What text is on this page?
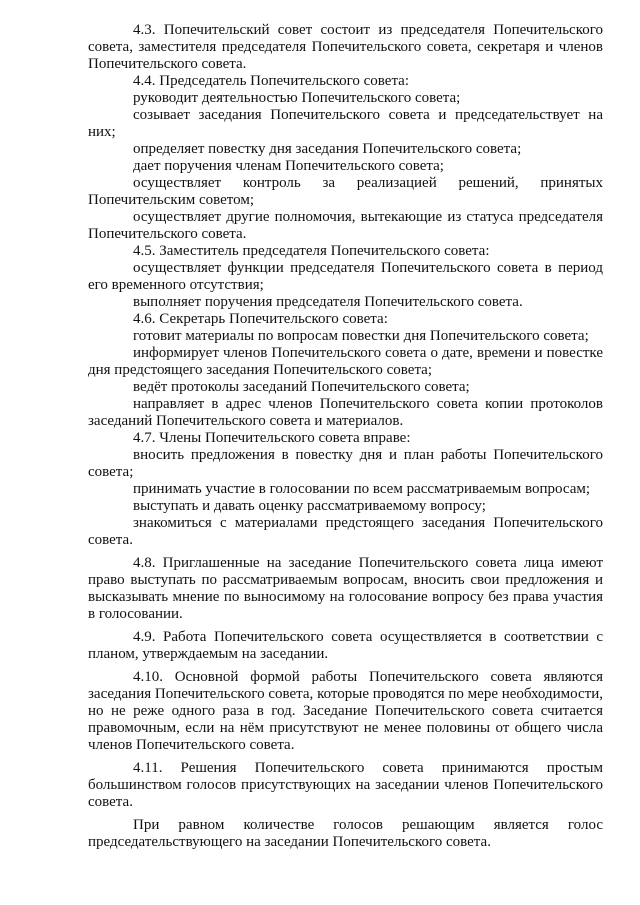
4.3. Попечительский совет состоит из председателя Попечительского совета, заместителя председателя Попечительского совета, секретаря и членов Попечительского совета.

4.4. Председатель Попечительского совета:

руководит деятельностью Попечительского совета;

созывает заседания Попечительского совета и председательствует на них;

определяет повестку дня заседания Попечительского совета;

дает поручения членам Попечительского совета;

осуществляет контроль за реализацией решений, принятых Попечительским советом;

осуществляет другие полномочия, вытекающие из статуса председателя Попечительского совета.

4.5. Заместитель председателя Попечительского совета:

осуществляет функции председателя Попечительского совета в период его временного отсутствия;

выполняет поручения председателя Попечительского совета.

4.6. Секретарь Попечительского совета:

готовит материалы по вопросам повестки дня Попечительского совета;

информирует членов Попечительского совета о дате, времени и повестке дня предстоящего заседания Попечительского совета;

ведёт протоколы заседаний Попечительского совета;

направляет в адрес членов Попечительского совета копии протоколов заседаний Попечительского совета и материалов.

4.7. Члены Попечительского совета вправе:

вносить предложения в повестку дня и план работы Попечительского совета;

принимать участие в голосовании по всем рассматриваемым вопросам;

выступать и давать оценку рассматриваемому вопросу;

знакомиться с материалами предстоящего заседания Попечительского совета.

4.8. Приглашенные на заседание Попечительского совета лица имеют право выступать по рассматриваемым вопросам, вносить свои предложения и высказывать мнение по выносимому на голосование вопросу без права участия в голосовании.

4.9. Работа Попечительского совета осуществляется в соответствии с планом, утверждаемым на заседании.

4.10. Основной формой работы Попечительского совета являются заседания Попечительского совета, которые проводятся по мере необходимости, но не реже одного раза в год. Заседание Попечительского совета считается правомочным, если на нём присутствуют не менее половины от общего числа членов Попечительского совета.

4.11. Решения Попечительского совета принимаются простым большинством голосов присутствующих на заседании членов Попечительского совета.

При равном количестве голосов решающим является голос председательствующего на заседании Попечительского совета.
